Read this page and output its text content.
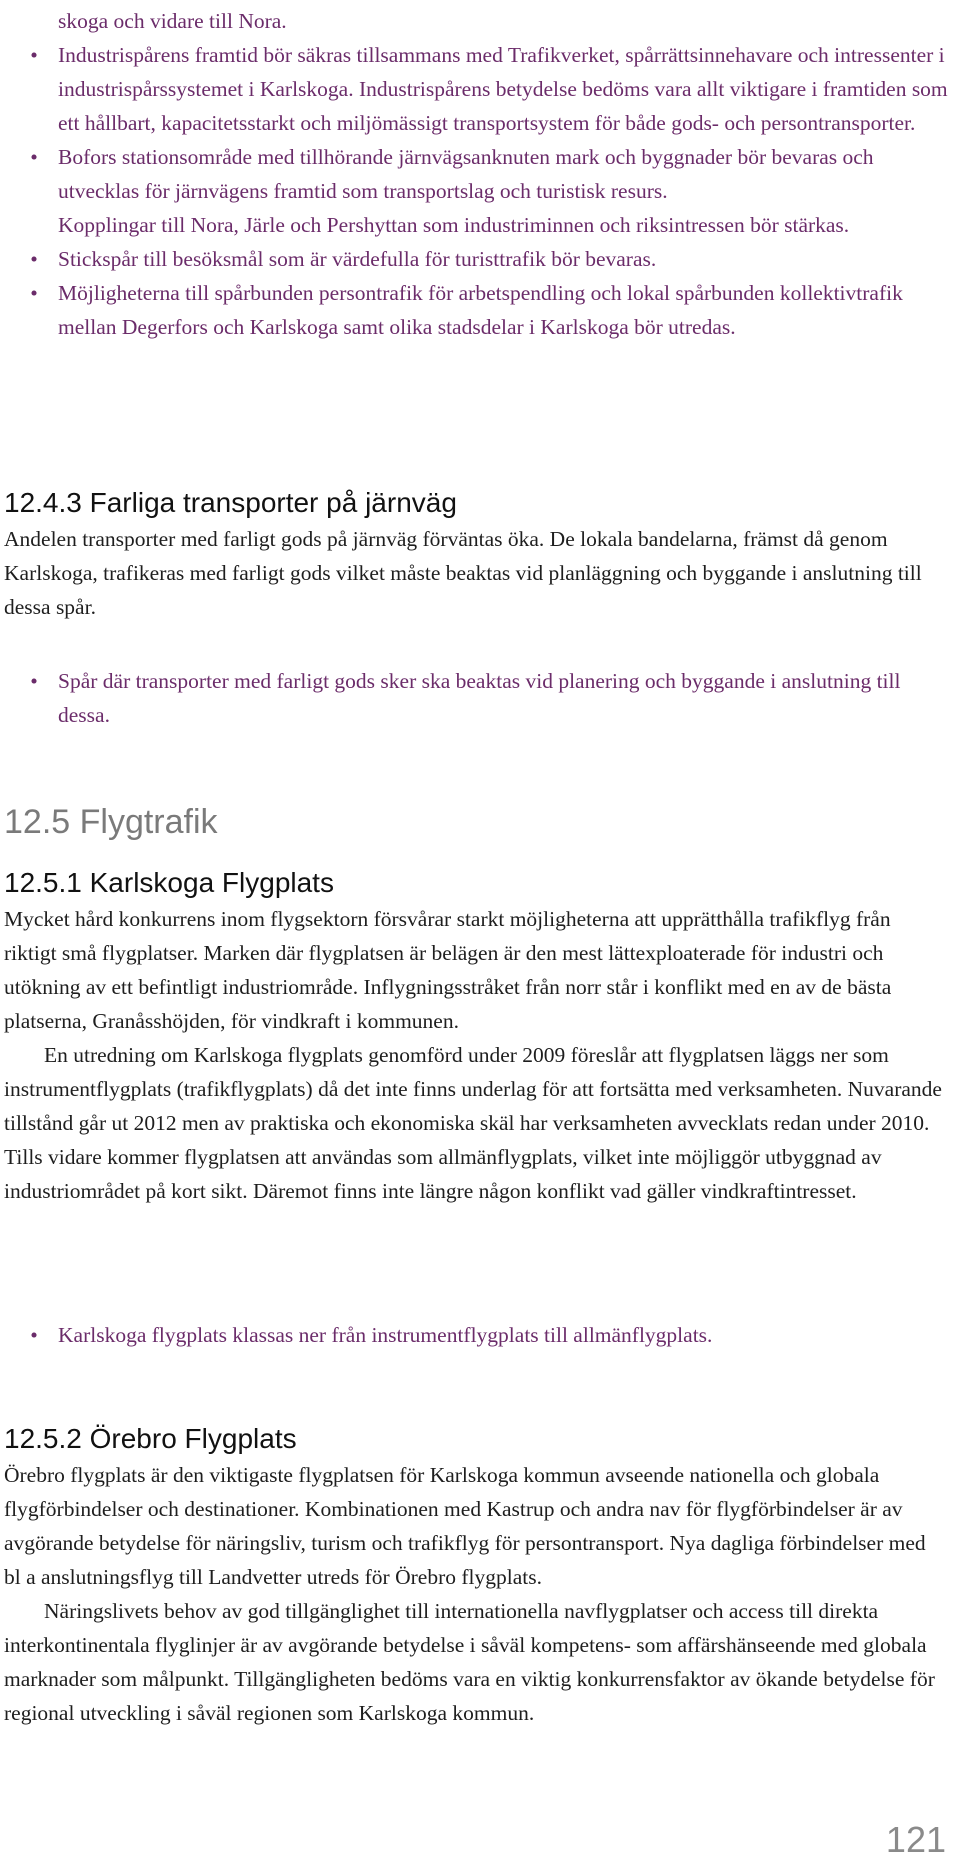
skoga och vidare till Nora.

• Industrispårens framtid bör säkras tillsammans med Trafikverket, spårrättsinnehavare och intressenter i industrispårssystemet i Karlskoga. Industrispårens betydelse bedöms vara allt viktigare i framtiden som ett hållbart, kapacitetsstarkt och miljömässigt transportsystem för både gods- och persontransporter.
• Bofors stationsområde med tillhörande järnvägsanknuten mark och byggnader bör bevaras och utvecklas för järnvägens framtid som transportslag och turistisk resurs.
Kopplingar till Nora, Järle och Pershyttan som industriminnen och riksintressen bör stärkas.
• Stickspår till besöksmål som är värdefulla för turisttrafik bör bevaras.
• Möjligheterna till spårbunden persontrafik för arbetspendling och lokal spårbunden kollektivtrafik mellan Degerfors och Karlskoga samt olika stadsdelar i Karlskoga bör utredas.
12.4.3 Farliga transporter på järnväg

Andelen transporter med farligt gods på järnväg förväntas öka. De lokala bandelarna, främst då genom Karlskoga, trafikeras med farligt gods vilket måste beaktas vid planläggning och byggande i anslutning till dessa spår.

• Spår där transporter med farligt gods sker ska beaktas vid planering och byggande i anslutning till dessa.
12.5 Flygtrafik
12.5.1 Karlskoga Flygplats

Mycket hård konkurrens inom flygsektorn försvårar starkt möjligheterna att upprätthålla trafikflyg från riktigt små flygplatser. Marken där flygplatsen är belägen är den mest lättexploaterade för industri och utökning av ett befintligt industriområde. Inflygningsstråket från norr står i konflikt med en av de bästa platserna, Granåsshöjden, för vindkraft i kommunen.

En utredning om Karlskoga flygplats genomförd under 2009 föreslår att flygplatsen läggs ner som instrumentflygplats (trafikflygplats) då det inte finns underlag för att fortsätta med verksamheten. Nuvarande tillstånd går ut 2012 men av praktiska och ekonomiska skäl har verksamheten avvecklats redan under 2010. Tills vidare kommer flygplatsen att användas som allmänflygplats, vilket inte möjliggör utbyggnad av industriområdet på kort sikt. Däremot finns inte längre någon konflikt vad gäller vindkraftintresset.

• Karlskoga flygplats klassas ner från instrumentflygplats till allmänflygplats.
12.5.2 Örebro Flygplats

Örebro flygplats är den viktigaste flygplatsen för Karlskoga kommun avseende nationella och globala flygförbindelser och destinationer. Kombinationen med Kastrup och andra nav för flygförbindelser är av avgörande betydelse för näringsliv, turism och trafikflyg för persontransport. Nya dagliga förbindelser med bl a anslutningsflyg till Landvetter utreds för Örebro flygplats.

Näringslivets behov av god tillgänglighet till internationella navflygplatser och access till direkta interkontinentala flyglinjer är av avgörande betydelse i såväl kompetens- som affärshänseende med globala marknader som målpunkt. Tillgängligheten bedöms vara en viktig konkurrensfaktor av ökande betydelse för regional utveckling i såväl regionen som Karlskoga kommun.

121
